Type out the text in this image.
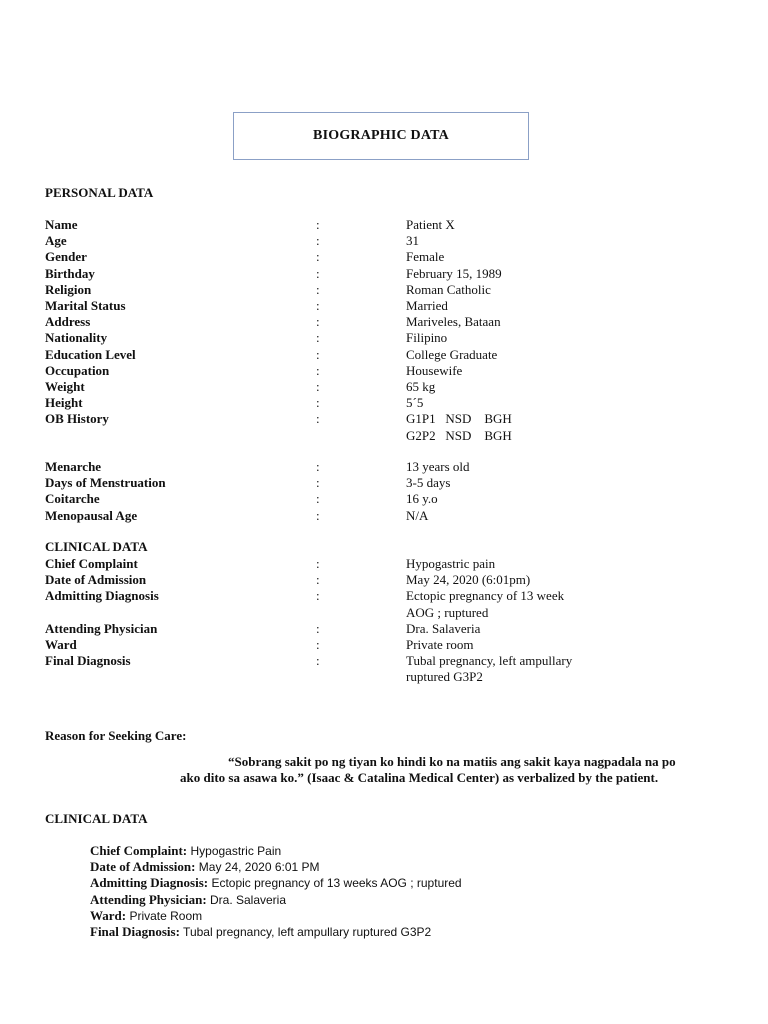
BIOGRAPHIC DATA
PERSONAL DATA
Name	:	Patient X
Age	:	31
Gender	:	Female
Birthday	:	February 15, 1989
Religion	:	Roman Catholic
Marital Status	:	Married
Address	:	Mariveles, Bataan
Nationality	:	Filipino
Education Level	:	College Graduate
Occupation	:	Housewife
Weight	:	65 kg
Height	:	5´5
OB History	:	G1P1   NSD    BGH
G2P2   NSD    BGH
Menarche	:	13 years old
Days of Menstruation	:	3-5 days
Coitarche	:	16 y.o
Menopausal Age	:	N/A
CLINICAL DATA
Chief Complaint	:	Hypogastric pain
Date of Admission	:	May 24, 2020 (6:01pm)
Admitting Diagnosis	:	Ectopic pregnancy of 13 week
AOG ; ruptured
Attending Physician	:	Dra. Salaveria
Ward	:	Private room
Final Diagnosis	:	Tubal pregnancy, left ampullary
ruptured G3P2
Reason for Seeking Care:
“Sobrang sakit po ng tiyan ko hindi ko na matiis ang sakit kaya nagpadala na po
ako dito sa asawa ko.” (Isaac & Catalina Medical Center) as verbalized by the patient.
CLINICAL DATA
Chief Complaint: Hypogastric Pain
Date of Admission: May 24, 2020 6:01 PM
Admitting Diagnosis: Ectopic pregnancy of 13 weeks AOG ; ruptured
Attending Physician: Dra. Salaveria
Ward: Private Room
Final Diagnosis: Tubal pregnancy, left ampullary ruptured G3P2
